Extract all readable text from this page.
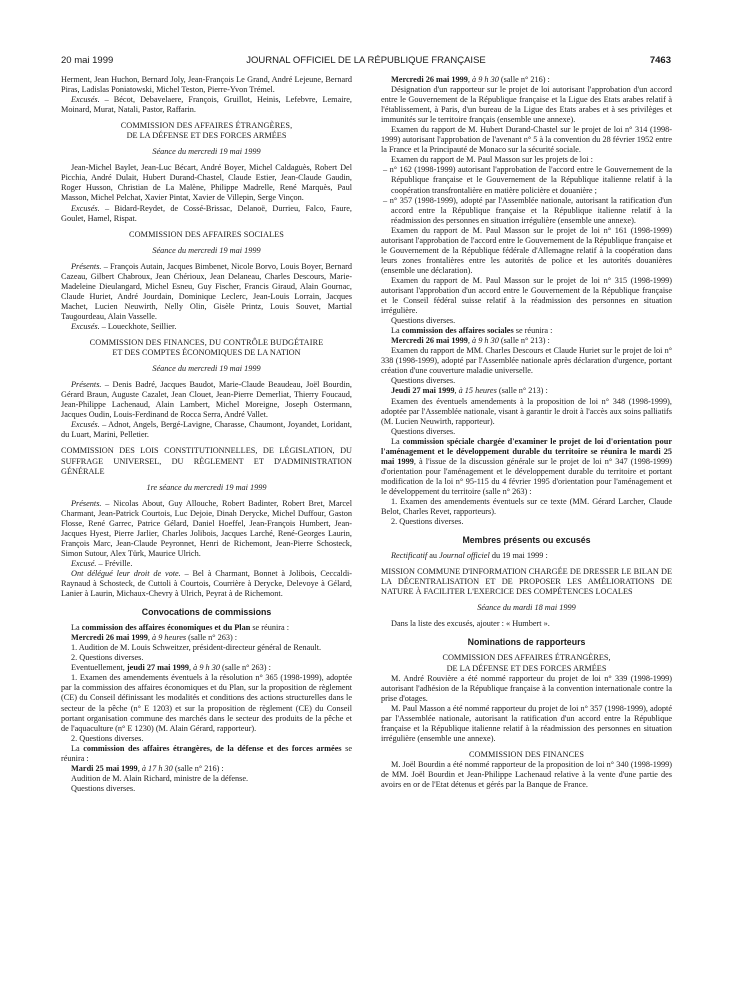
20 mai 1999	JOURNAL OFFICIEL DE LA RÉPUBLIQUE FRANÇAISE	7463

Herment, Jean Huchon, Bernard Joly, Jean-François Le Grand, André Lejeune, Bernard Piras, Ladislas Poniatowski, Michel Teston, Pierre-Yvon Trémel.

Excusés. – Bécot, Debavelaere, François, Gruillot, Heinis, Lefebvre, Lemaire, Moinard, Murat, Natali, Pastor, Raffarin.

COMMISSION DES AFFAIRES ÉTRANGÈRES,

DE LA DÉFENSE ET DES FORCES ARMÉES

Séance du mercredi 19 mai 1999

Jean-Michel Baylet, Jean-Luc Bécart, André Boyer, Michel Caldaguès, Robert Del Picchia, André Dulait, Hubert Durand-Chastel, Claude Estier, Jean-Claude Gaudin, Roger Husson, Christian de La Malène, Philippe Madrelle, René Marquès, Paul Masson, Michel Pelchat, Xavier Pintat, Xavier de Villepin, Serge Vinçon.

Excusés. – Bidard-Reydet, de Cossé-Brissac, Delanoë, Durrieu, Falco, Faure, Goulet, Hamel, Rispat.

COMMISSION DES AFFAIRES SOCIALES

Séance du mercredi 19 mai 1999

Présents. – François Autain, Jacques Bimbenet, Nicole Borvo, Louis Boyer, Bernard Cazeau, Gilbert Chabroux, Jean Chérioux, Jean Delaneau, Charles Descours, Marie-Madeleine Dieulangard, Michel Esneu, Guy Fischer, Francis Giraud, Alain Gournac, Claude Huriet, André Jourdain, Dominique Leclerc, Jean-Louis Lorrain, Jacques Machet, Lucien Neuwirth, Nelly Olin, Gisèle Printz, Louis Souvet, Martial Taugourdeau, Alain Vasselle.

Excusés. – Loueckhote, Seillier.

COMMISSION DES FINANCES, DU CONTRÔLE BUDGÉTAIRE

ET DES COMPTES ÉCONOMIQUES DE LA NATION

Séance du mercredi 19 mai 1999

Présents. – Denis Badré, Jacques Baudot, Marie-Claude Beaudeau, Joël Bourdin, Gérard Braun, Auguste Cazalet, Jean Clouet, Jean-Pierre Demerliat, Thierry Foucaud, Jean-Philippe Lachenaud, Alain Lambert, Michel Moreigne, Joseph Ostermann, Jacques Oudin, Louis-Ferdinand de Rocca Serra, André Vallet.

Excusés. – Adnot, Angels, Bergé-Lavigne, Charasse, Chaumont, Joyandet, Loridant, du Luart, Marini, Pelletier.

COMMISSION DES LOIS CONSTITUTIONNELLES, DE LÉGISLATION, DU SUFFRAGE UNIVERSEL, DU RÈGLEMENT ET D'ADMINISTRATION GÉNÉRALE

1re séance du mercredi 19 mai 1999

Présents. – Nicolas About, Guy Allouche, Robert Badinter, Robert Bret, Marcel Charmant, Jean-Patrick Courtois, Luc Dejoie, Dinah Derycke, Michel Duffour, Gaston Flosse, René Garrec, Patrice Gélard, Daniel Hoeffel, Jean-François Humbert, Jean-Jacques Hyest, Pierre Jarlier, Charles Jolibois, Jacques Larché, René-Georges Laurin, François Marc, Jean-Claude Peyronnet, Henri de Richemont, Jean-Pierre Schosteck, Simon Sutour, Alex Türk, Maurice Ulrich.

Excusé. – Fréville.

Ont délégué leur droit de vote. – Bel à Charmant, Bonnet à Jolibois, Ceccaldi-Raynaud à Schosteck, de Cuttoli à Courtois, Courrière à Derycke, Delevoye à Gélard, Lanier à Laurin, Michaux-Chevry à Ulrich, Peyrat à de Richemont.

Convocations de commissions

La commission des affaires économiques et du Plan se réunira :

Mercredi 26 mai 1999, à 9 heures (salle n° 263) :

1. Audition de M. Louis Schweitzer, président-directeur général de Renault.

2. Questions diverses.

Eventuellement, jeudi 27 mai 1999, à 9 h 30 (salle n° 263) :

1. Examen des amendements éventuels à la résolution n° 365 (1998-1999), adoptée par la commission des affaires économiques et du Plan, sur la proposition de règlement (CE) du Conseil définissant les modalités et conditions des actions structurelles dans le secteur de la pêche (n° E 1203) et sur la proposition de règlement (CE) du Conseil portant organisation commune des marchés dans le secteur des produits de la pêche et de l'aquaculture (n° E 1230) (M. Alain Gérard, rapporteur).

2. Questions diverses.

La commission des affaires étrangères, de la défense et des forces armées se réunira :

Mardi 25 mai 1999, à 17 h 30 (salle n° 216) :

Audition de M. Alain Richard, ministre de la défense.

Questions diverses.

Mercredi 26 mai 1999, à 9 h 30 (salle n° 216) :

Désignation d'un rapporteur sur le projet de loi autorisant l'approbation d'un accord entre le Gouvernement de la République française et la Ligue des Etats arabes relatif à l'établissement, à Paris, d'un bureau de la Ligue des Etats arabes et à ses privilèges et immunités sur le territoire français (ensemble une annexe).

Examen du rapport de M. Hubert Durand-Chastel sur le projet de loi n° 314 (1998-1999) autorisant l'approbation de l'avenant n° 5 à la convention du 28 février 1952 entre la France et la Principauté de Monaco sur la sécurité sociale.

Examen du rapport de M. Paul Masson sur les projets de loi :

– n° 162 (1998-1999) autorisant l'approbation de l'accord entre le Gouvernement de la République française et le Gouvernement de la République italienne relatif à la coopération transfrontalière en matière policière et douanière ;

– n° 357 (1998-1999), adopté par l'Assemblée nationale, autorisant la ratification d'un accord entre la République française et la République italienne relatif à la réadmission des personnes en situation irrégulière (ensemble une annexe).

Examen du rapport de M. Paul Masson sur le projet de loi n° 161 (1998-1999) autorisant l'approbation de l'accord entre le Gouvernement de la République française et le Gouvernement de la République fédérale d'Allemagne relatif à la coopération dans leurs zones frontalières entre les autorités de police et les autorités douanières (ensemble une déclaration).

Examen du rapport de M. Paul Masson sur le projet de loi n° 315 (1998-1999) autorisant l'approbation d'un accord entre le Gouvernement de la République française et le Conseil fédéral suisse relatif à la réadmission des personnes en situation irrégulière.

Questions diverses.

La commission des affaires sociales se réunira :

Mercredi 26 mai 1999, à 9 h 30 (salle n° 213) :

Examen du rapport de MM. Charles Descours et Claude Huriet sur le projet de loi n° 338 (1998-1999), adopté par l'Assemblée nationale après déclaration d'urgence, portant création d'une couverture maladie universelle.

Questions diverses.

Jeudi 27 mai 1999, à 15 heures (salle n° 213) :

Examen des éventuels amendements à la proposition de loi n° 348 (1998-1999), adoptée par l'Assemblée nationale, visant à garantir le droit à l'accès aux soins palliatifs (M. Lucien Neuwirth, rapporteur).

Questions diverses.

La commission spéciale chargée d'examiner le projet de loi d'orientation pour l'aménagement et le développement durable du territoire se réunira le mardi 25 mai 1999, à l'issue de la discussion générale sur le projet de loi n° 347 (1998-1999) d'orientation pour l'aménagement et le développement durable du territoire et portant modification de la loi n° 95-115 du 4 février 1995 d'orientation pour l'aménagement et le développement du territoire (salle n° 263) :

1. Examen des amendements éventuels sur ce texte (MM. Gérard Larcher, Claude Belot, Charles Revet, rapporteurs).

2. Questions diverses.

Membres présents ou excusés

Rectificatif au Journal officiel du 19 mai 1999 :

MISSION COMMUNE D'INFORMATION CHARGÉE DE DRESSER LE BILAN DE LA DÉCENTRALISATION ET DE PROPOSER LES AMÉLIORATIONS DE NATURE À FACILITER L'EXERCICE DES COMPÉTENCES LOCALES

Séance du mardi 18 mai 1999

Dans la liste des excusés, ajouter : « Humbert ».

Nominations de rapporteurs

COMMISSION DES AFFAIRES ÉTRANGÈRES,

DE LA DÉFENSE ET DES FORCES ARMÉES

M. André Rouvière a été nommé rapporteur du projet de loi n° 339 (1998-1999) autorisant l'adhésion de la République française à la convention internationale contre la prise d'otages.

M. Paul Masson a été nommé rapporteur du projet de loi n° 357 (1998-1999), adopté par l'Assemblée nationale, autorisant la ratification d'un accord entre la République française et la République italienne relatif à la réadmission des personnes en situation irrégulière (ensemble une annexe).

COMMISSION DES FINANCES

M. Joël Bourdin a été nommé rapporteur de la proposition de loi n° 340 (1998-1999) de MM. Joël Bourdin et Jean-Philippe Lachenaud relative à la vente d'une partie des avoirs en or de l'Etat détenus et gérés par la Banque de France.
